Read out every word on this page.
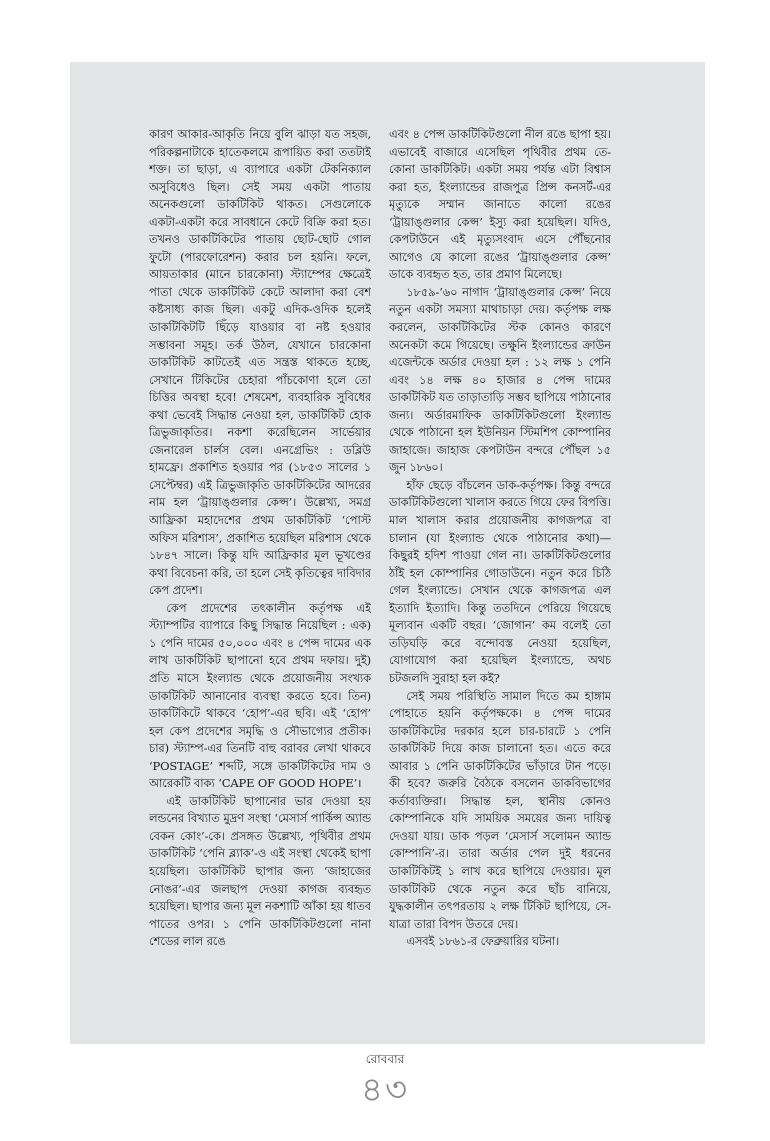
কারণ আকার-আকৃতি নিয়ে বুলি ঝাড়া যত সহজ, পরিকল্পনাটাকে হাতেকলমে রূপায়িত করা ততটাই শক্ত। তা ছাড়া, এ ব্যাপারে একটা টেকনিক্যাল অসুবিধেও ছিল। সেই সময় একটা পাতায় অনেকগুলো ডাকটিকিট থাকত। সেগুলোকে একটা-একটা করে সাবধানে কেটে বিক্রি করা হত। তখনও ডাকটিকিটের পাতায় ছোট-ছোট গোল ফুটো (পারফোরেশন) করার চল হয়নি। ফলে, আয়তাকার (মানে চারকোনা) স্ট্যাম্পের ক্ষেত্রেই পাতা থেকে ডাকটিকিট কেটে আলাদা করা বেশ কষ্টসাধ্য কাজ ছিল। একটু এদিক-ওদিক হলেই ডাকটিকিটটি ছিঁড়ে যাওয়ার বা নষ্ট হওয়ার সম্ভাবনা সমূহ। তর্ক উঠল, যেখানে চারকোনা ডাকটিকিট কাটতেই এত সন্ত্রস্ত থাকতে হচ্ছে, সেখানে টিকিটের চেহারা পাঁচকোণা হলে তো চিত্তির অবস্থা হবে! শেষমেশ, ব্যবহারিক সুবিধের কথা ভেবেই সিদ্ধান্ত নেওয়া হল, ডাকটিকিট হোক ত্রিভুজাকৃতির। নকশা করেছিলেন সার্ভেয়ার জেনারেল চার্লস বেল। এনগ্রেভিং : ডব্লিউ হামফ্রে। প্রকাশিত হওয়ার পর (১৮৫৩ সালের ১ সেপ্টেম্বর) এই ত্রিভুজাকৃতি ডাকটিকিটের আদরের নাম হল ‘ট্রায়াঙ্গুলার কেপ্স’। উল্লেখ্য, সমগ্র আফ্রিকা মহাদেশের প্রথম ডাকটিকিট ‘পোস্ট অফিস মরিশাস’, প্রকাশিত হয়েছিল মরিশাস থেকে ১৮৪৭ সালে। কিন্তু যদি আফ্রিকার মূল ভূখণ্ডের কথা বিবেচনা করি, তা হলে সেই কৃতিত্বের দাবিদার কেপ প্রদেশ।

কেপ প্রদেশের তৎকালীন কর্তৃপক্ষ এই স্ট্যাম্পটির ব্যাপারে কিছু সিদ্ধান্ত নিয়েছিল : এক) ১ পেনি দামের ৫০,০০০ এবং ৪ পেন্স দামের এক লাখ ডাকটিকিট ছাপানো হবে প্রথম দফায়। দুই) প্রতি মাসে ইংল্যান্ড থেকে প্রয়োজনীয় সংখ্যক ডাকটিকিট আনানোর ব্যবস্থা করতে হবে। তিন) ডাকটিকিটে থাকবে ‘হোপ’-এর ছবি। এই ‘হোপ’ হল কেপ প্রদেশের সমৃদ্ধি ও সৌভাগ্যের প্রতীক। চার) স্ট্যাম্প-এর তিনটি বাহু বরাবর লেখা থাকবে ‘POSTAGE’ শব্দটি, সঙ্গে ডাকটিকিটের দাম ও আরেকটি বাক্য ‘CAPE OF GOOD HOPE’।

এই ডাকটিকিট ছাপানোর ভার দেওয়া হয় লন্ডনের বিখ্যাত মুদ্রণ সংস্থা ‘মেসার্স পার্কিন্স অ্যান্ড বেকন কোং’-কে। প্রসঙ্গত উল্লেখ্য, পৃথিবীর প্রথম ডাকটিকিট ‘পেনি ব্ল্যাক’-ও এই সংস্থা থেকেই ছাপা হয়েছিল। ডাকটিকিট ছাপার জন্য ‘জাহাজের নোঙর’-এর জলছাপ দেওয়া কাগজ ব্যবহৃত হয়েছিল। ছাপার জন্য মূল নকশাটি আঁকা হয় ধাতব পাতের ওপর। ১ পেনি ডাকটিকিটগুলো নানা শেডের লাল রঙে

এবং ৪ পেন্স ডাকটিকিটগুলো নীল রঙে ছাপা হয়। এভাবেই বাজারে এসেছিল পৃথিবীর প্রথম তে-কোনা ডাকটিকিট। একটা সময় পর্যন্ত এটা বিশ্বাস করা হত, ইংল্যান্ডের রাজপুত্র প্রিন্স কনসর্ট-এর মৃত্যুকে সম্মান জানাতে কালো রঙের ‘ট্রায়াঙ্গুলার কেপ্স’ ইস্যু করা হয়েছিল। যদিও, কেপটাউনে এই মৃত্যুসংবাদ এসে পৌঁছনোর আগেও যে কালো রঙের ‘ট্রায়াঙ্গুলার কেপ্স’ ডাকে ব্যবহৃত হত, তার প্রমাণ মিলেছে।

১৮৫৯-’৬০ নাগাদ ‘ট্রায়াঙ্গুলার কেপ্স’ নিয়ে নতুন একটা সমস্যা মাথাচাড়া দেয়। কর্তৃপক্ষ লক্ষ করলেন, ডাকটিকিটের স্টক কোনও কারণে অনেকটা কমে গিয়েছে। তক্ষুনি ইংল্যান্ডের ক্রাউন এজেন্টকে অর্ডার দেওয়া হল : ১২ লক্ষ ১ পেনি এবং ১৪ লক্ষ ৪০ হাজার ৪ পেন্স দামের ডাকটিকিট যত তাড়াতাড়ি সম্ভব ছাপিয়ে পাঠানোর জন্য। অর্ডারমাফিক ডাকটিকিটগুলো ইংল্যান্ড থেকে পাঠানো হল ইউনিয়ন স্টিমশিপ কোম্পানির জাহাজে। জাহাজ কেপটাউন বন্দরে পৌঁছল ১৫ জুন ১৮৬০।

হাঁফ ছেড়ে বাঁচলেন ডাক-কর্তৃপক্ষ। কিন্তু বন্দরে ডাকটিকিটগুলো খালাস করতে গিয়ে ফের বিপত্তি। মাল খালাস করার প্রয়োজনীয় কাগজপত্র বা চালান (যা ইংল্যান্ড থেকে পাঠানোর কথা)—কিছুরই হদিশ পাওয়া গেল না। ডাকটিকিটগুলোর ঠাঁই হল কোম্পানির গোডাউনে। নতুন করে চিঠি গেল ইংল্যান্ডে। সেখান থেকে কাগজপত্র এল ইত্যাদি ইত্যাদি। কিন্তু ততদিনে পেরিয়ে গিয়েছে মূল্যবান একটি বছর। ‘জোগান’ কম বলেই তো তড়িঘড়ি করে বন্দোবস্ত নেওয়া হয়েছিল, যোগাযোগ করা হয়েছিল ইংল্যান্ডে, অথচ চটজলদি সুরাহা হল কই?

সেই সময় পরিস্থিতি সামাল দিতে কম হাঙ্গাম পোহাতে হয়নি কর্তৃপক্ষকে। ৪ পেন্স দামের ডাকটিকিটের দরকার হলে চার-চারটে ১ পেনি ডাকটিকিট দিয়ে কাজ চালানো হত। এতে করে আবার ১ পেনি ডাকটিকিটের ভাঁড়ারে টান পড়ে। কী হবে? জরুরি বৈঠকে বসলেন ডাকবিভাগের কর্তাব্যক্তিরা। সিদ্ধান্ত হল, স্থানীয় কোনও কোম্পানিকে যদি সাময়িক সময়ের জন্য দায়িত্ব দেওয়া যায়। ডাক পড়ল ‘মেসার্স সলোমন অ্যান্ড কোম্পানি’-র। তারা অর্ডার পেল দুই ধরনের ডাকটিকিটই ১ লাখ করে ছাপিয়ে দেওয়ার। মূল ডাকটিকিট থেকে নতুন করে ছাঁচ বানিয়ে, যুদ্ধকালীন তৎপরতায় ২ লক্ষ টিকিট ছাপিয়ে, সে-যাত্রা তারা বিপদ উতরে দেয়।

এসবই ১৮৬১-র ফেব্রুয়ারির ঘটনা।

রোববার
৪৩
